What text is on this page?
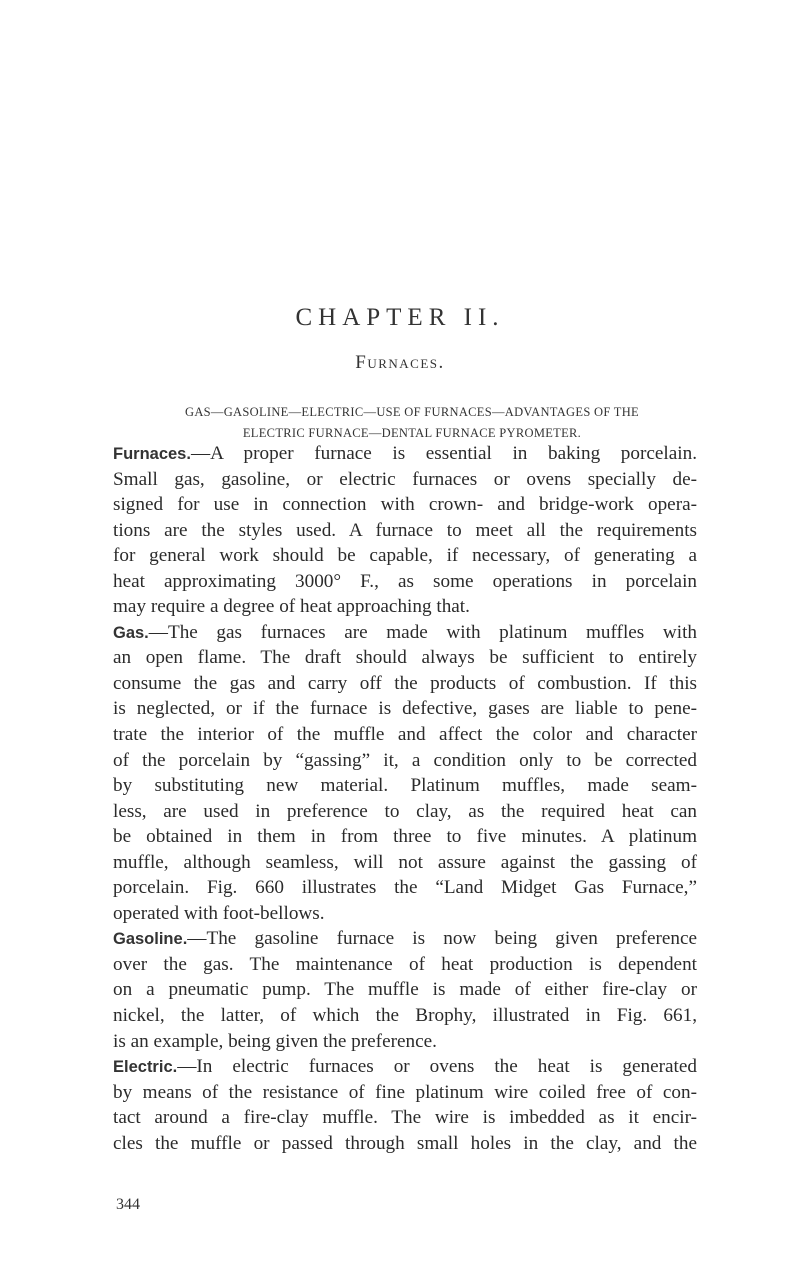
CHAPTER II.
Furnaces.
GAS—GASOLINE—ELECTRIC—USE OF FURNACES—ADVANTAGES OF THE
ELECTRIC FURNACE—DENTAL FURNACE PYROMETER.
Furnaces.—A proper furnace is essential in baking porcelain.
Small gas, gasoline, or electric furnaces or ovens specially de-
signed for use in connection with crown- and bridge-work opera-
tions are the styles used. A furnace to meet all the requirements
for general work should be capable, if necessary, of generating a
heat approximating 3000° F., as some operations in porcelain
may require a degree of heat approaching that.
Gas.—The gas furnaces are made with platinum muffles with
an open flame. The draft should always be sufficient to entirely
consume the gas and carry off the products of combustion. If this
is neglected, or if the furnace is defective, gases are liable to pene-
trate the interior of the muffle and affect the color and character
of the porcelain by “gassing” it, a condition only to be corrected
by substituting new material. Platinum muffles, made seam-
less, are used in preference to clay, as the required heat can
be obtained in them in from three to five minutes. A platinum
muffle, although seamless, will not assure against the gassing of
porcelain. Fig. 660 illustrates the “Land Midget Gas Furnace,”
operated with foot-bellows.
Gasoline.—The gasoline furnace is now being given preference
over the gas. The maintenance of heat production is dependent
on a pneumatic pump. The muffle is made of either fire-clay or
nickel, the latter, of which the Brophy, illustrated in Fig. 661,
is an example, being given the preference.
Electric.—In electric furnaces or ovens the heat is generated
by means of the resistance of fine platinum wire coiled free of con-
tact around a fire-clay muffle. The wire is imbedded as it encir-
cles the muffle or passed through small holes in the clay, and the
344
